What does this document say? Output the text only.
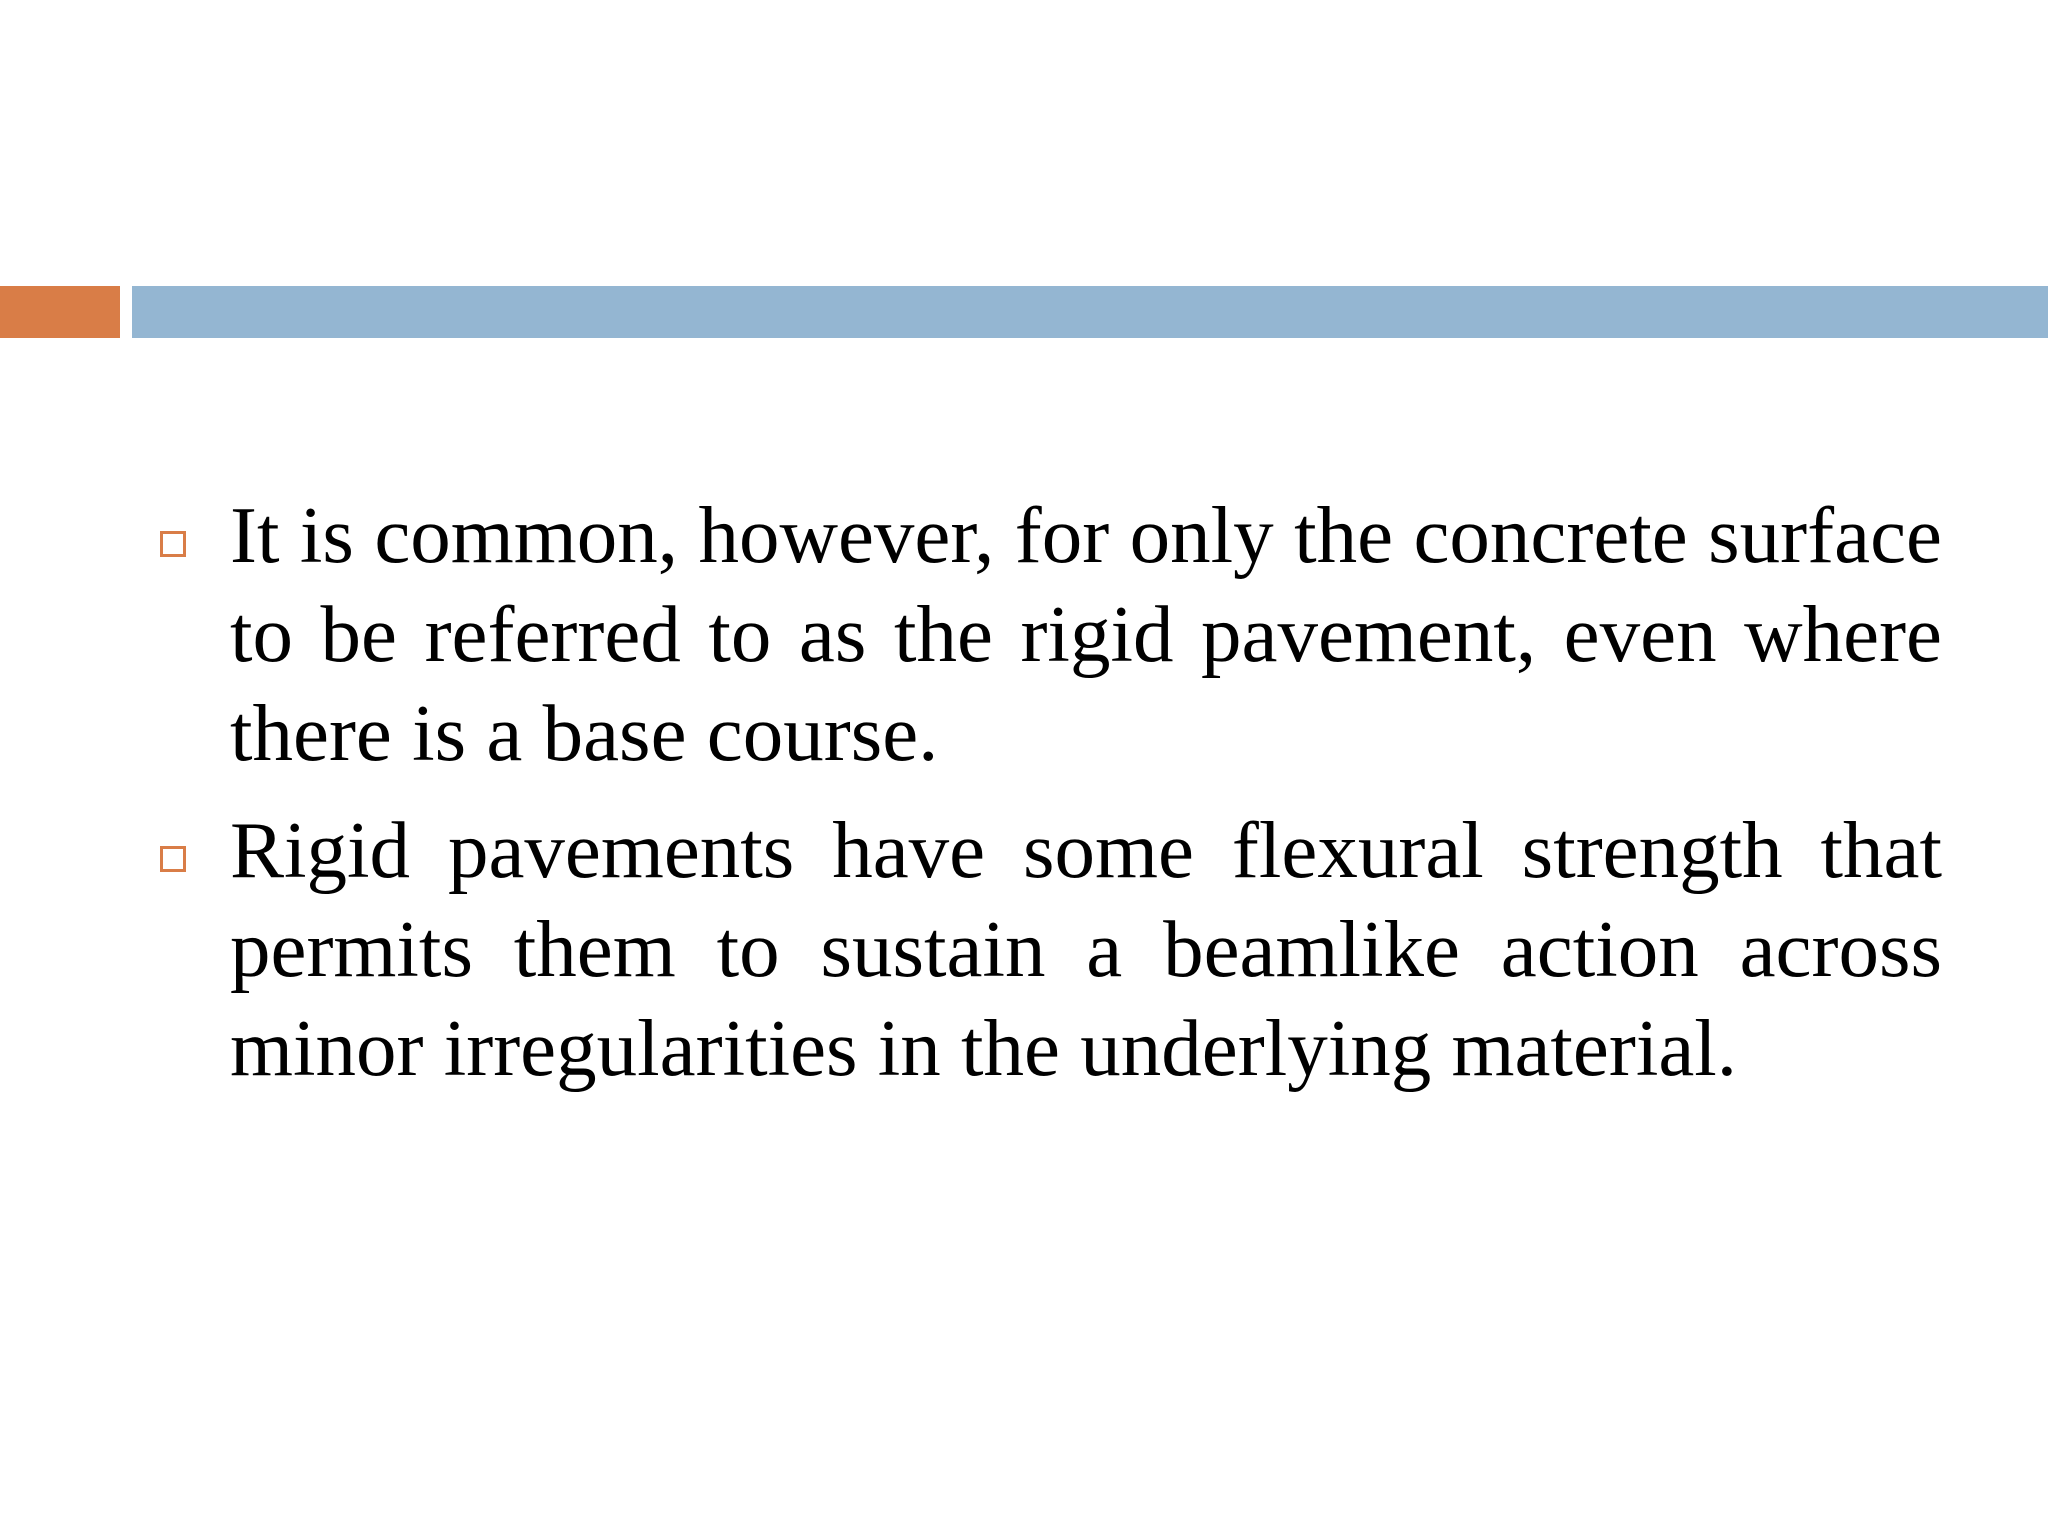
It is common, however, for only the concrete surface to be referred to as the rigid pavement, even where there is a base course.

Rigid pavements have some flexural strength that permits them to sustain a beamlike action across minor irregularities in the underlying material.
